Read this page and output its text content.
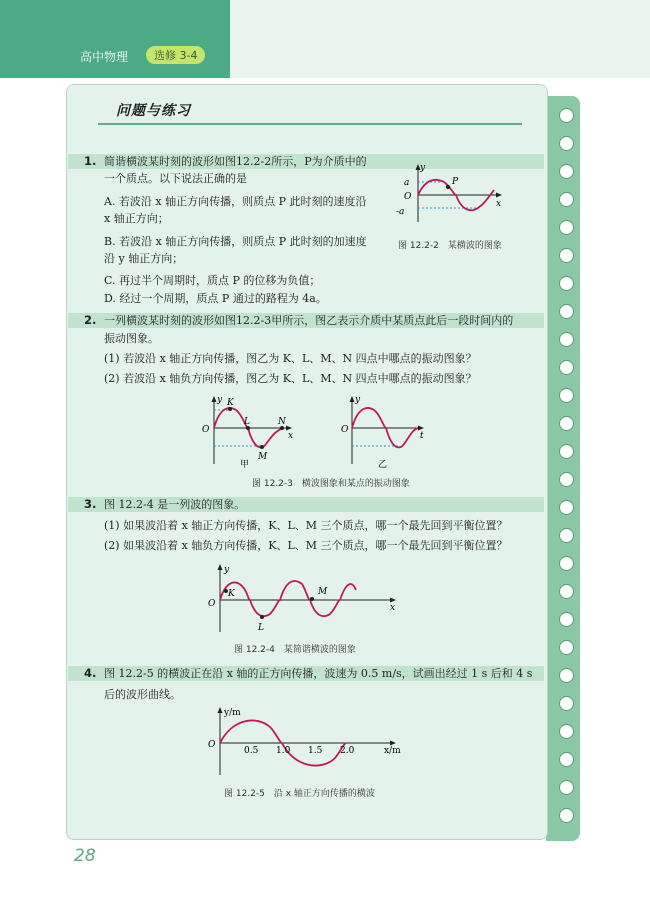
高中物理	选修 3-4
问题与练习
1. 简谐横波某时刻的波形如图12.2-2所示，P为介质中的
一个质点。以下说法正确的是
A. 若波沿 x 轴正方向传播，则质点 P 此时刻的速度沿
x 轴正方向；
B. 若波沿 x 轴正方向传播，则质点 P 此时刻的加速度
沿 y 轴正方向；
C. 再过半个周期时，质点 P 的位移为负值；
D. 经过一个周期，质点 P 通过的路程为 4a。
y
a	P
O
x
-a
图 12.2-2　某横波的图象
2. 一列横波某时刻的波形如图12.2-3甲所示，图乙表示介质中某质点此后一段时间内的
振动图象。
(1) 若波沿 x 轴正方向传播，图乙为 K、L、M、N 四点中哪点的振动图象？
(2) 若波沿 x 轴负方向传播，图乙为 K、L、M、N 四点中哪点的振动图象？
y K
O
L	N
x
M
甲
y
O
t
乙
图 12.2-3　横波图象和某点的振动图象
3. 图 12.2-4 是一列波的图象。
(1) 如果波沿着 x 轴正方向传播，K、L、M 三个质点，哪一个最先回到平衡位置？
(2) 如果波沿着 x 轴负方向传播，K、L、M 三个质点，哪一个最先回到平衡位置？
y
K
O
M
x
L
图 12.2-4　某简谐横波的图象
4. 图 12.2-5 的横波正在沿 x 轴的正方向传播，波速为 0.5 m/s，试画出经过 1 s 后和 4 s
后的波形曲线。
y/m
O
0.5 1.0 1.5 2.0	x/m
图 12.2-5　沿 x 轴正方向传播的横波
28
